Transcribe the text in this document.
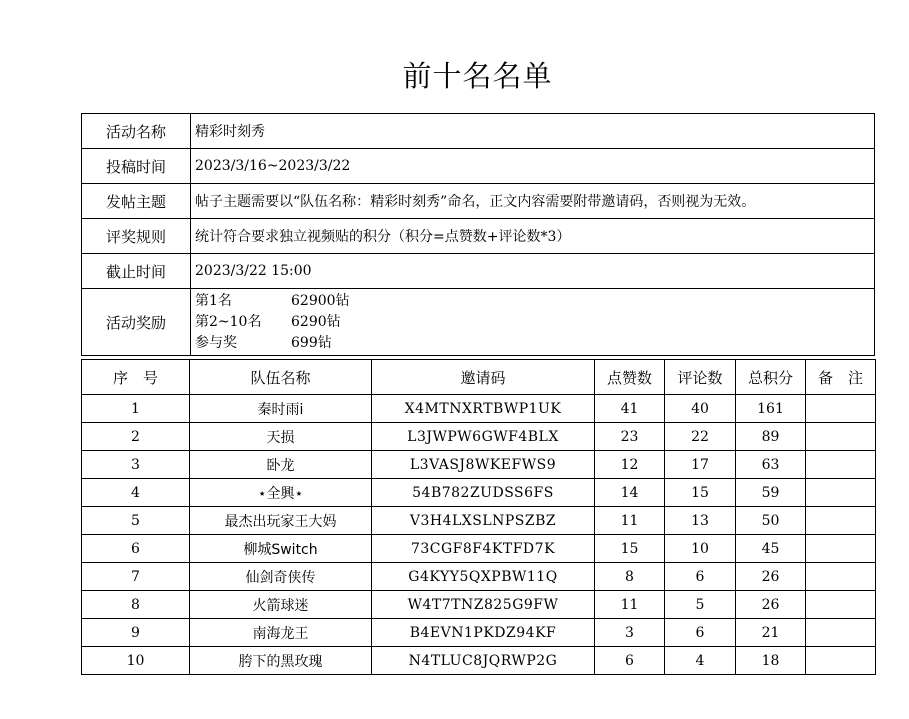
前十名名单
活动名称	精彩时刻秀
投稿时间	2023/3/16~2023/3/22
发帖主题	帖子主题需要以“队伍名称：精彩时刻秀”命名，正文内容需要附带邀请码，否则视为无效。
评奖规则	统计符合要求独立视频贴的积分（积分=点赞数+评论数*3）
截止时间	2023/3/22 15:00
活动奖励	第1名 62900钻
第2~10名 6290钻
参与奖 699钻
序　号	队伍名称	邀请码	点赞数	评论数	总积分	备　注
1	秦时雨i	X4MTNXRTBWP1UK	41	40	161	
2	天损	L3JWPW6GWF4BLX	23	22	89	
3	卧龙	L3VASJ8WKEFWS9	12	17	63	
4	⋆全興⋆	54B782ZUDSS6FS	14	15	59	
5	最杰出玩家王大妈	V3H4LXSLNPSZBZ	11	13	50	
6	柳城Switch	73CGF8F4KTFD7K	15	10	45	
7	仙剑奇侠传	G4KYY5QXPBW11Q	8	6	26	
8	火箭球迷	W4T7TNZ825G9FW	11	5	26	
9	南海龙王	B4EVN1PKDZ94KF	3	6	21	
10	胯下的黑玫瑰	N4TLUC8JQRWP2G	6	4	18	
